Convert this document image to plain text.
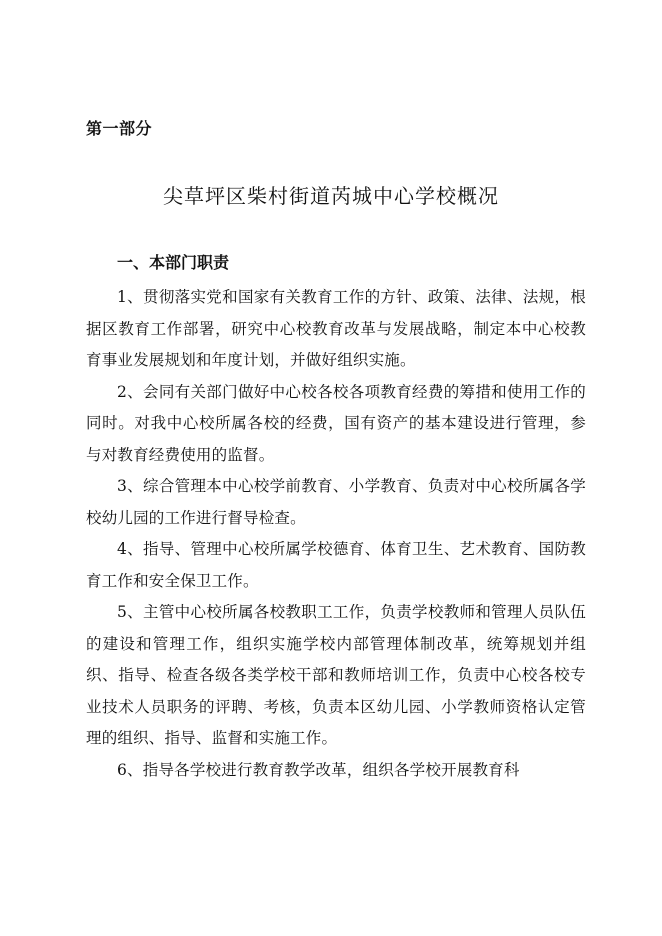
第一部分
尖草坪区柴村街道芮城中心学校概况
一、本部门职责

1、贯彻落实党和国家有关教育工作的方针、政策、法律、法规，根据区教育工作部署，研究中心校教育改革与发展战略，制定本中心校教育事业发展规划和年度计划，并做好组织实施。

2、会同有关部门做好中心校各校各项教育经费的筹措和使用工作的同时。对我中心校所属各校的经费，国有资产的基本建设进行管理，参与对教育经费使用的监督。

3、综合管理本中心校学前教育、小学教育、负责对中心校所属各学校幼儿园的工作进行督导检查。

4、指导、管理中心校所属学校德育、体育卫生、艺术教育、国防教育工作和安全保卫工作。

5、主管中心校所属各校教职工工作，负责学校教师和管理人员队伍的建设和管理工作，组织实施学校内部管理体制改革，统筹规划并组织、指导、检查各级各类学校干部和教师培训工作，负责中心校各校专业技术人员职务的评聘、考核，负责本区幼儿园、小学教师资格认定管理的组织、指导、监督和实施工作。

6、指导各学校进行教育教学改革，组织各学校开展教育科
